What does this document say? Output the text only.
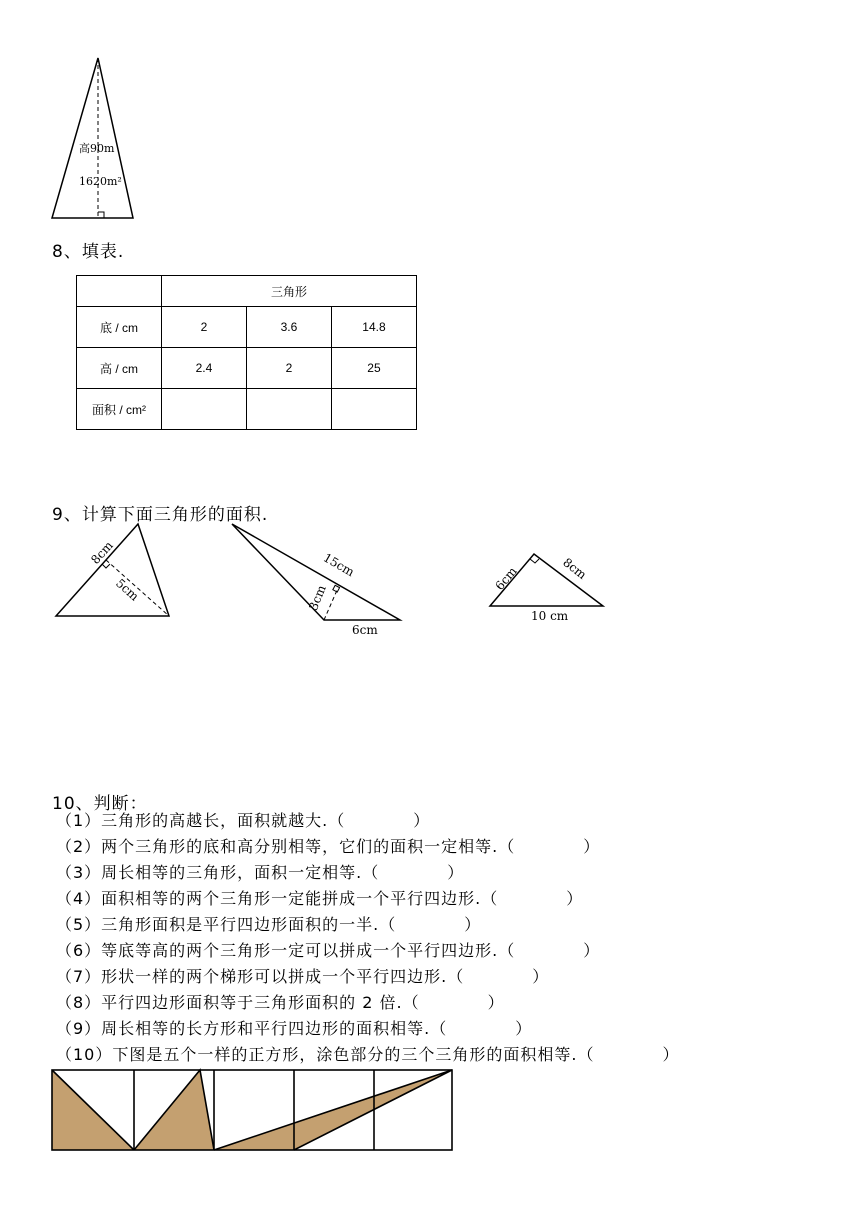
高90m
1620m²
8、填表.
	三角形		
底 / cm	2	3.6	14.8
高 / cm	2.4	2	25
面积 / cm²			
9、计算下面三角形的面积.
8cm
5cm
15cm
3cm
6cm
6cm	8cm
10 cm
10、判断：
（1）三角形的高越长，面积就越大.（　　　　）
（2）两个三角形的底和高分别相等，它们的面积一定相等.（　　　　）
（3）周长相等的三角形，面积一定相等.（　　　　）
（4）面积相等的两个三角形一定能拼成一个平行四边形.（　　　　）
（5）三角形面积是平行四边形面积的一半.（　　　　）
（6）等底等高的两个三角形一定可以拼成一个平行四边形.（　　　　）
（7）形状一样的两个梯形可以拼成一个平行四边形.（　　　　）
（8）平行四边形面积等于三角形面积的 2 倍.（　　　　）
（9）周长相等的长方形和平行四边形的面积相等.（　　　　）
（10）下图是五个一样的正方形，涂色部分的三个三角形的面积相等.（　　　　）
